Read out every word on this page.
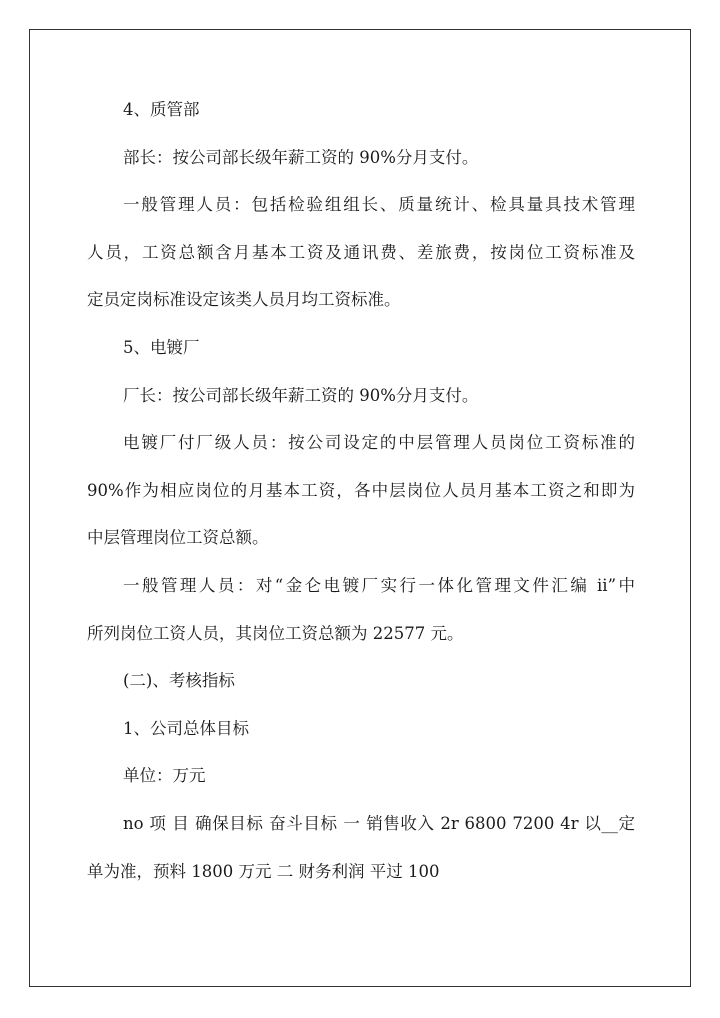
4、质管部
部长：按公司部长级年薪工资的 90%分月支付。
一般管理人员：包括检验组组长、质量统计、检具量具技术管理
人员，工资总额含月基本工资及通讯费、差旅费，按岗位工资标准及
定员定岗标准设定该类人员月均工资标准。
5、电镀厂
厂长：按公司部长级年薪工资的 90%分月支付。
电镀厂付厂级人员：按公司设定的中层管理人员岗位工资标准的
90%作为相应岗位的月基本工资，各中层岗位人员月基本工资之和即为
中层管理岗位工资总额。
一般管理人员：对“金仑电镀厂实行一体化管理文件汇编 ii”中
所列岗位工资人员，其岗位工资总额为 22577 元。
(二)、考核指标
1、公司总体目标
单位：万元
no 项 目 确保目标 奋斗目标 一 销售收入 2r 6800 7200 4r 以__定
单为准，预料 1800 万元 二 财务利润 平过 100
